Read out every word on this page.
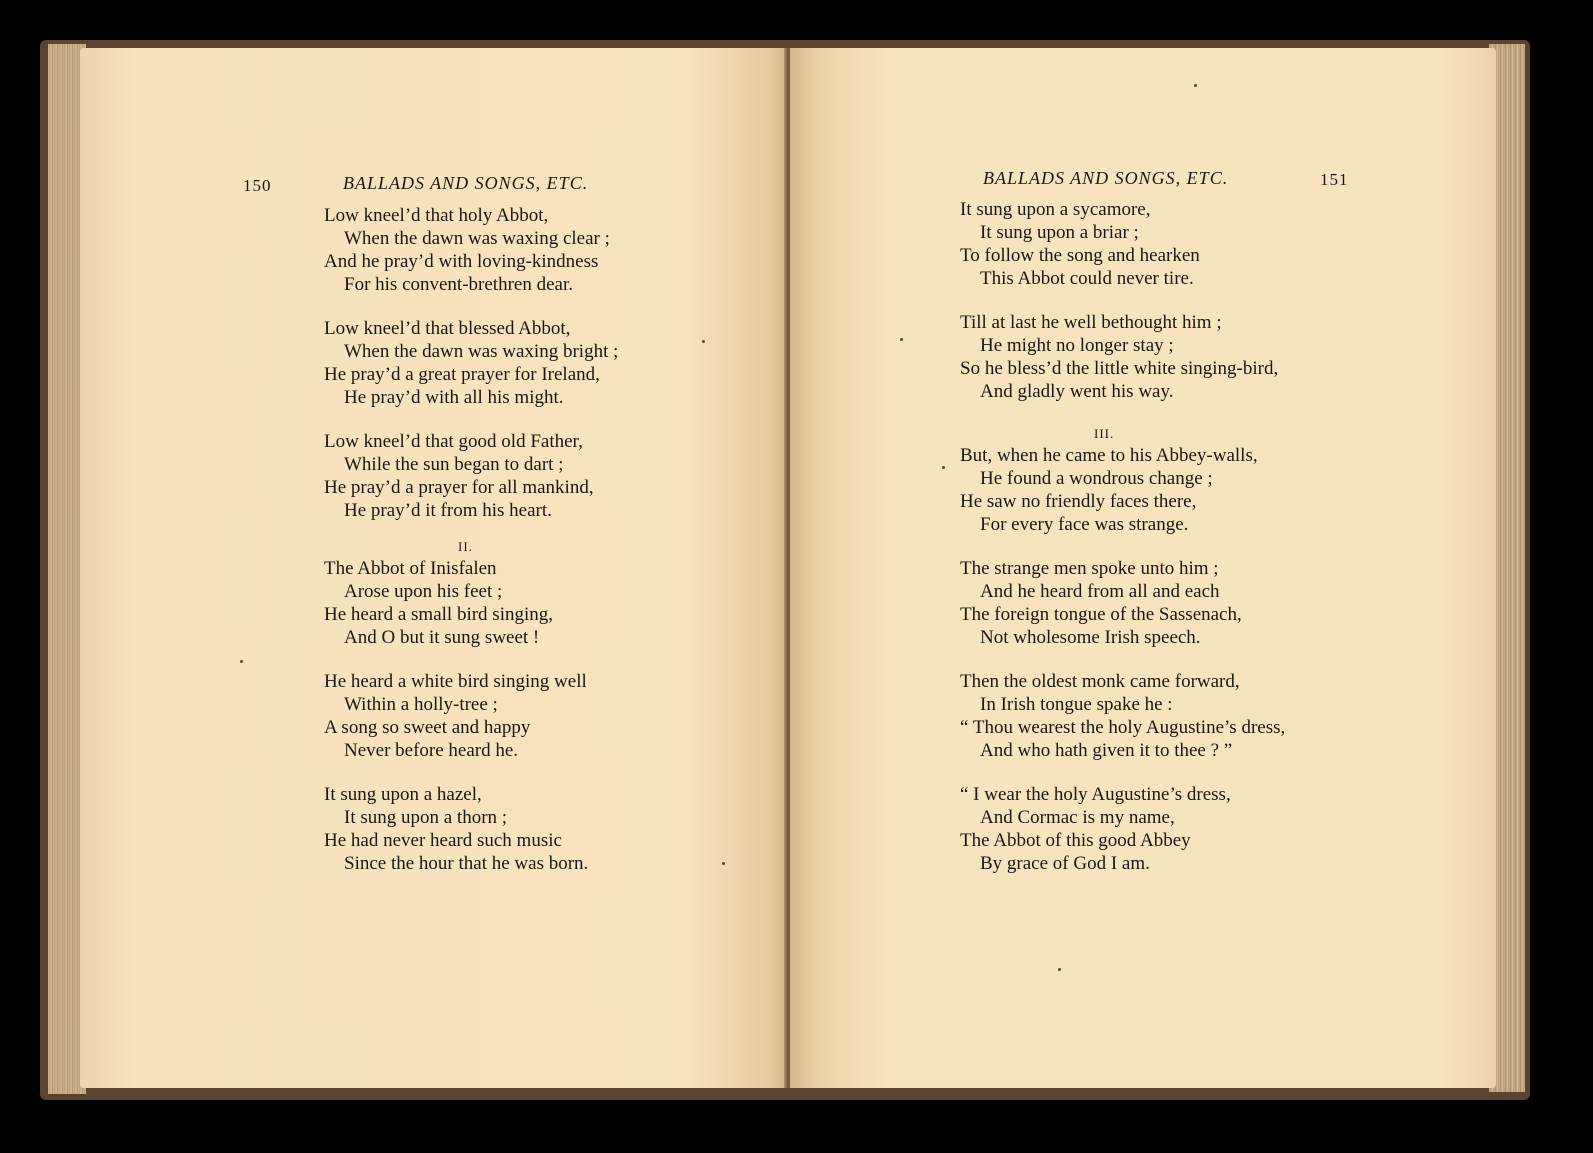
150	BALLADS AND SONGS, ETC.
Low kneel’d that holy Abbot,
When the dawn was waxing clear ;
And he pray’d with loving-kindness
For his convent-brethren dear.
Low kneel’d that blessed Abbot,
When the dawn was waxing bright ;
He pray’d a great prayer for Ireland,
He pray’d with all his might.
Low kneel’d that good old Father,
While the sun began to dart ;
He pray’d a prayer for all mankind,
He pray’d it from his heart.
II.
The Abbot of Inisfalen
Arose upon his feet ;
He heard a small bird singing,
And O but it sung sweet !
He heard a white bird singing well
Within a holly-tree ;
A song so sweet and happy
Never before heard he.
It sung upon a hazel,
It sung upon a thorn ;
He had never heard such music
Since the hour that he was born.
BALLADS AND SONGS, ETC.	151
It sung upon a sycamore,
It sung upon a briar ;
To follow the song and hearken
This Abbot could never tire.
Till at last he well bethought him ;
He might no longer stay ;
So he bless’d the little white singing-bird,
And gladly went his way.
III.
But, when he came to his Abbey-walls,
He found a wondrous change ;
He saw no friendly faces there,
For every face was strange.
The strange men spoke unto him ;
And he heard from all and each
The foreign tongue of the Sassenach,
Not wholesome Irish speech.
Then the oldest monk came forward,
In Irish tongue spake he :
“ Thou wearest the holy Augustine’s dress,
And who hath given it to thee ? ”
“ I wear the holy Augustine’s dress,
And Cormac is my name,
The Abbot of this good Abbey
By grace of God I am.
